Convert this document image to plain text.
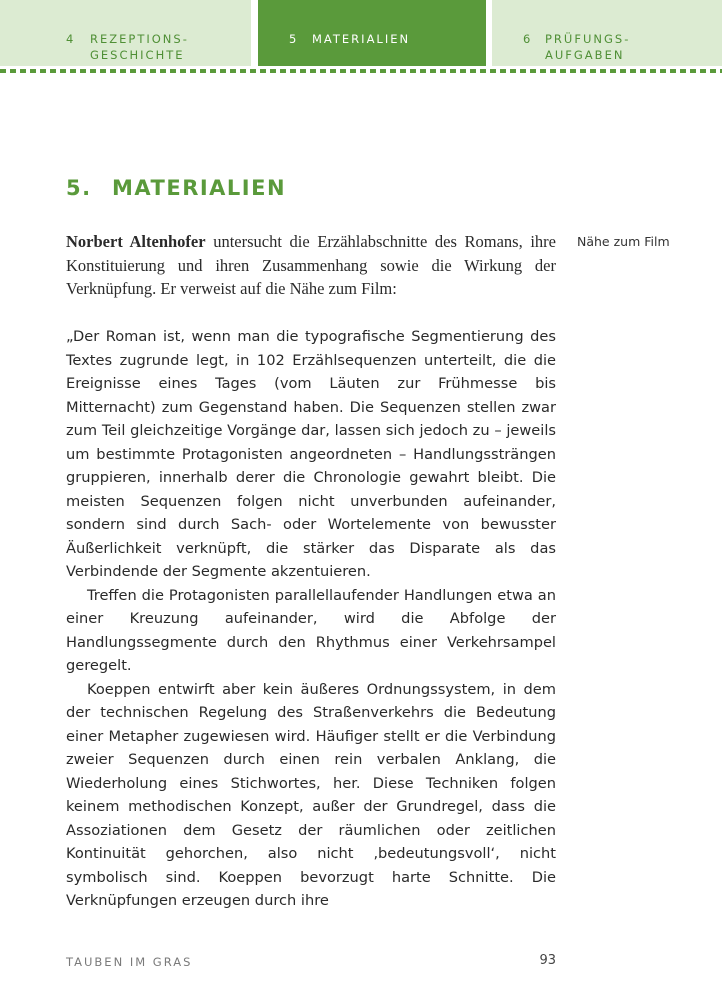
4 REZEPTIONS-
GESCHICHTE
5 MATERIALIEN	6 PRÜFUNGS-
AUFGABEN
5. MATERIALIEN

Norbert Altenhofer untersucht die Erzählabschnitte des Romans, ihre Konstituierung und ihren Zusammenhang sowie die Wirkung der Verknüpfung. Er verweist auf die Nähe zum Film:

Nähe zum Film

„Der Roman ist, wenn man die typografische Segmentierung des Textes zugrunde legt, in 102 Erzählsequenzen unterteilt, die die Ereignisse eines Tages (vom Läuten zur Frühmesse bis Mitternacht) zum Gegenstand haben. Die Sequenzen stellen zwar zum Teil gleichzeitige Vorgänge dar, lassen sich jedoch zu – jeweils um bestimmte Protagonisten angeordneten – Handlungssträngen gruppieren, innerhalb derer die Chronologie gewahrt bleibt. Die meisten Sequenzen folgen nicht unverbunden aufeinander, sondern sind durch Sach- oder Wortelemente von bewusster Äußerlichkeit verknüpft, die stärker das Disparate als das Verbindende der Segmente akzentuieren.

Treffen die Protagonisten parallellaufender Handlungen etwa an einer Kreuzung aufeinander, wird die Abfolge der Handlungssegmente durch den Rhythmus einer Verkehrsampel geregelt.

Koeppen entwirft aber kein äußeres Ordnungssystem, in dem der technischen Regelung des Straßenverkehrs die Bedeutung einer Metapher zugewiesen wird. Häufiger stellt er die Verbindung zweier Sequenzen durch einen rein verbalen Anklang, die Wiederholung eines Stichwortes, her. Diese Techniken folgen keinem methodischen Konzept, außer der Grundregel, dass die Assoziationen dem Gesetz der räumlichen oder zeitlichen Kontinuität gehorchen, also nicht ‚bedeutungsvoll‘, nicht symbolisch sind. Koeppen bevorzugt harte Schnitte. Die Verknüpfungen erzeugen durch ihre

TAUBEN IM GRAS	93
